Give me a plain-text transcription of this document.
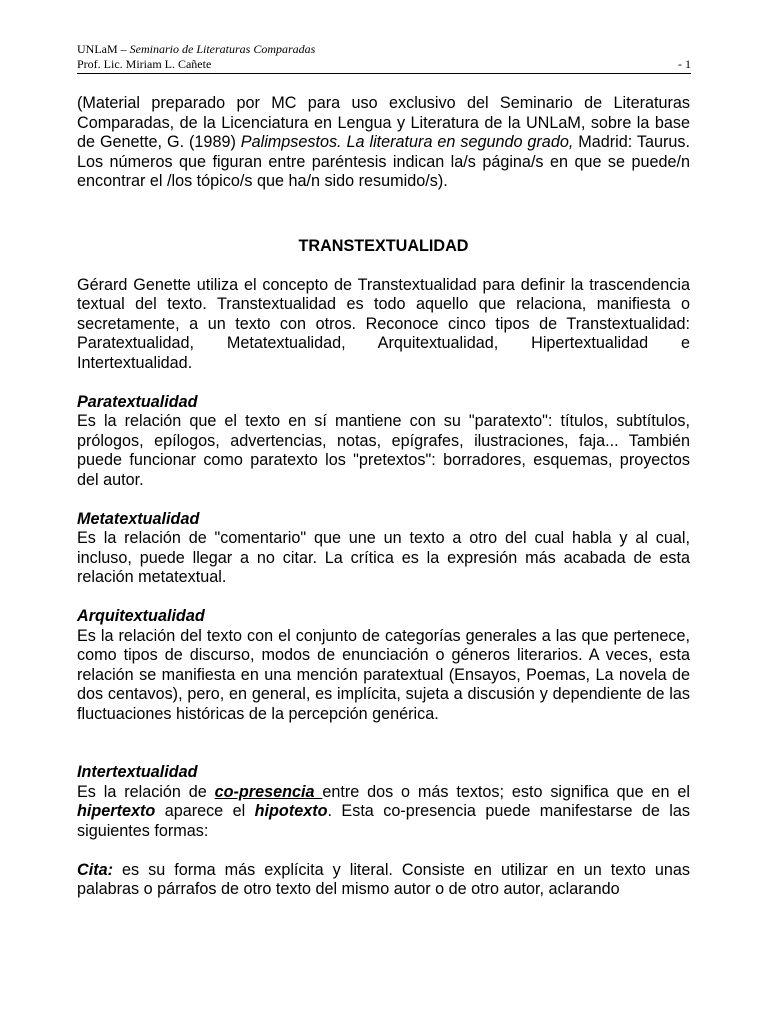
UNLaM – Seminario de Literaturas Comparadas
Prof. Lic. Miriam L. Cañete	- 1

(Material preparado por MC para uso exclusivo del Seminario de Literaturas Comparadas, de la Licenciatura en Lengua y Literatura de la UNLaM, sobre la base de Genette, G. (1989) Palimpsestos. La literatura en segundo grado, Madrid: Taurus. Los números que figuran entre paréntesis indican la/s página/s en que se puede/n encontrar el /los tópico/s que ha/n sido resumido/s).

TRANSTEXTUALIDAD

Gérard Genette utiliza el concepto de Transtextualidad para definir la trascendencia textual del texto. Transtextualidad es todo aquello que relaciona, manifiesta o secretamente, a un texto con otros. Reconoce cinco tipos de Transtextualidad: Paratextualidad, Metatextualidad, Arquitextualidad, Hipertextualidad e Intertextualidad.

Paratextualidad

Es la relación que el texto en sí mantiene con su "paratexto": títulos, subtítulos, prólogos, epílogos, advertencias, notas, epígrafes, ilustraciones, faja... También puede funcionar como paratexto los "pretextos": borradores, esquemas, proyectos del autor.

Metatextualidad

Es la relación de "comentario" que une un texto a otro del cual habla y al cual, incluso, puede llegar a no citar. La crítica es la expresión más acabada de esta relación metatextual.

Arquitextualidad

Es la relación del texto con el conjunto de categorías generales a las que pertenece, como tipos de discurso, modos de enunciación o géneros literarios. A veces, esta relación se manifiesta en una mención paratextual (Ensayos, Poemas, La novela de dos centavos), pero, en general, es implícita, sujeta a discusión y dependiente de las fluctuaciones históricas de la percepción genérica.

Intertextualidad

Es la relación de co-presencia entre dos o más textos; esto significa que en el hipertexto aparece el hipotexto. Esta co-presencia puede manifestarse de las siguientes formas:

Cita: es su forma más explícita y literal. Consiste en utilizar en un texto unas palabras o párrafos de otro texto del mismo autor o de otro autor, aclarando
